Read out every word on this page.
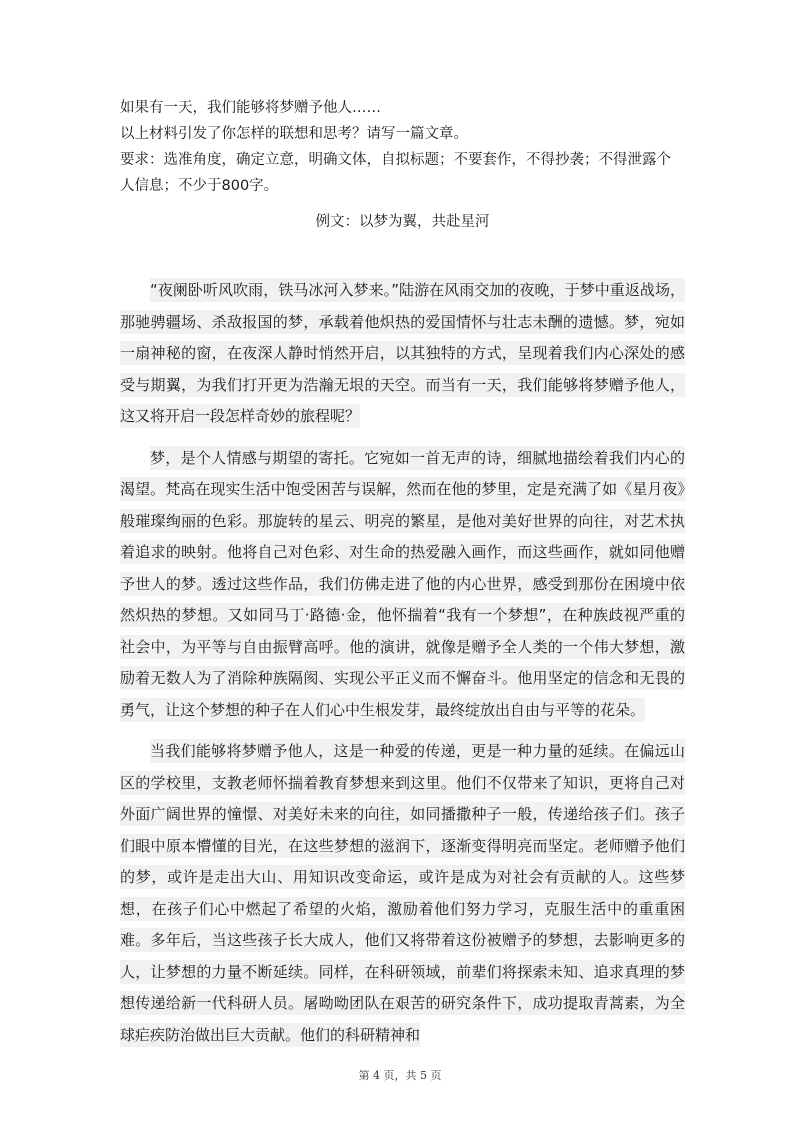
如果有一天，我们能够将梦赠予他人……

以上材料引发了你怎样的联想和思考？请写一篇文章。

要求：选准角度，确定立意，明确文体，自拟标题；不要套作，不得抄袭；不得泄露个人信息；不少于800字。

例文：以梦为翼，共赴星河

“夜阑卧听风吹雨，铁马冰河入梦来。”陆游在风雨交加的夜晚，于梦中重返战场，那驰骋疆场、杀敌报国的梦，承载着他炽热的爱国情怀与壮志未酬的遗憾。梦，宛如一扇神秘的窗，在夜深人静时悄然开启，以其独特的方式，呈现着我们内心深处的感受与期翼，为我们打开更为浩瀚无垠的天空。而当有一天，我们能够将梦赠予他人，这又将开启一段怎样奇妙的旅程呢？

梦，是个人情感与期望的寄托。它宛如一首无声的诗，细腻地描绘着我们内心的渴望。梵高在现实生活中饱受困苦与误解，然而在他的梦里，定是充满了如《星月夜》般璀璨绚丽的色彩。那旋转的星云、明亮的繁星，是他对美好世界的向往，对艺术执着追求的映射。他将自己对色彩、对生命的热爱融入画作，而这些画作，就如同他赠予世人的梦。透过这些作品，我们仿佛走进了他的内心世界，感受到那份在困境中依然炽热的梦想。又如同马丁·路德·金，他怀揣着“我有一个梦想”，在种族歧视严重的社会中，为平等与自由振臂高呼。他的演讲，就像是赠予全人类的一个伟大梦想，激励着无数人为了消除种族隔阂、实现公平正义而不懈奋斗。他用坚定的信念和无畏的勇气，让这个梦想的种子在人们心中生根发芽，最终绽放出自由与平等的花朵。

当我们能够将梦赠予他人，这是一种爱的传递，更是一种力量的延续。在偏远山区的学校里，支教老师怀揣着教育梦想来到这里。他们不仅带来了知识，更将自己对外面广阔世界的憧憬、对美好未来的向往，如同播撒种子一般，传递给孩子们。孩子们眼中原本懵懂的目光，在这些梦想的滋润下，逐渐变得明亮而坚定。老师赠予他们的梦，或许是走出大山、用知识改变命运，或许是成为对社会有贡献的人。这些梦想，在孩子们心中燃起了希望的火焰，激励着他们努力学习，克服生活中的重重困难。多年后，当这些孩子长大成人，他们又将带着这份被赠予的梦想，去影响更多的人，让梦想的力量不断延续。同样，在科研领域，前辈们将探索未知、追求真理的梦想传递给新一代科研人员。屠呦呦团队在艰苦的研究条件下，成功提取青蒿素，为全球疟疾防治做出巨大贡献。他们的科研精神和

第 4 页，共 5 页
